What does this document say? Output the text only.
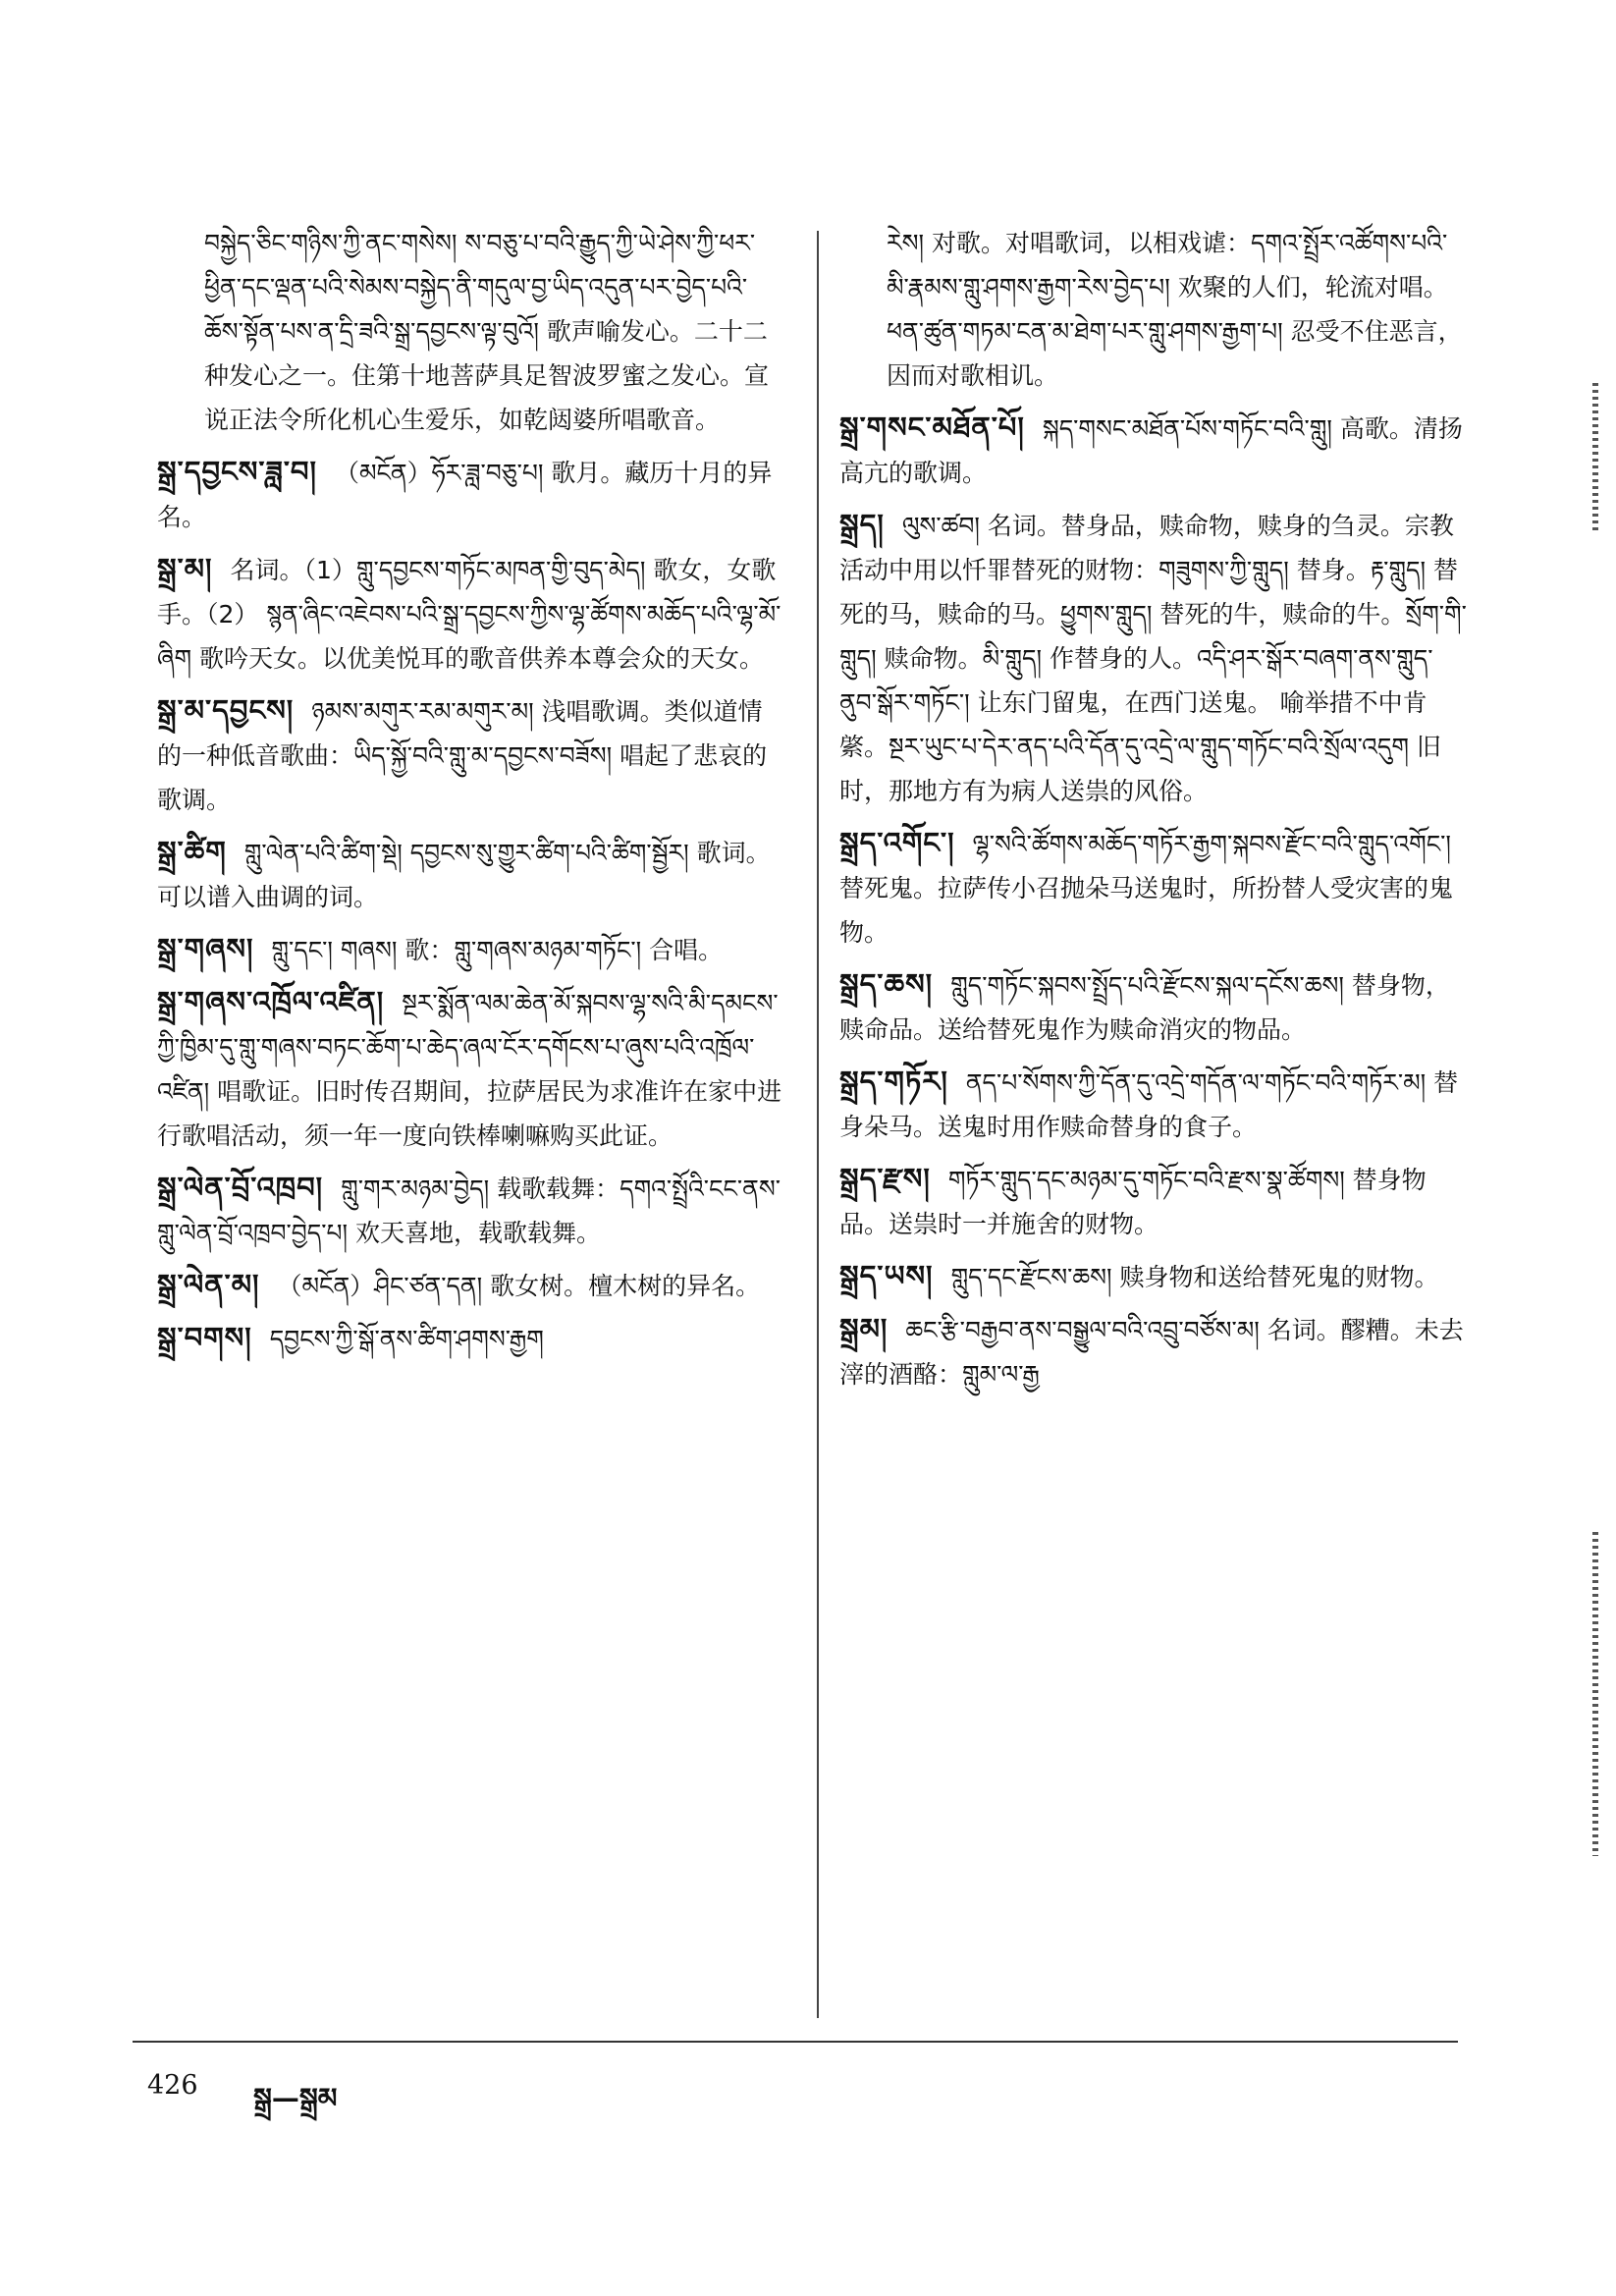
བསྐྱེད་ཅིང་གཉིས་ཀྱི་ནང་གསེས། ས་བཅུ་པ་བའི་རྒྱུད་ཀྱི་ཡེ་ཤེས་ཀྱི་ཕར་ཕྱིན་དང་ལྡན་པའི་སེམས་བསྐྱེད་ནི་གདུལ་བྱ་ཡིད་འདུན་པར་བྱེད་པའི་ཆོས་སྟོན་པས་ན་དྲི་ཟའི་སྒྲ་དབྱངས་ལྟ་བུའོ། 歌声喻发心。二十二种发心之一。住第十地菩萨具足智波罗蜜之发心。宣说正法令所化机心生爱乐，如乾闼婆所唱歌音。
སྒྲ་དབྱངས་ཟླ་བ། （མངོན）ཧོར་ཟླ་བཅུ་པ། 歌月。藏历十月的异名。
སྒྲ་མ། 名词。（1）གླུ་དབྱངས་གཏོང་མཁན་གྱི་བུད་མེད། 歌女，女歌手。（2） སྙན་ཞིང་འཇེབས་པའི་སྒྲ་དབྱངས་ཀྱིས་ལྷ་ཚོགས་མཆོད་པའི་ལྷ་མོ་ཞིག 歌吟天女。以优美悦耳的歌音供养本尊会众的天女。
སྒྲ་མ་དབྱངས། ཉམས་མགུར་རམ་མགུར་མ། 浅唱歌调。类似道情的一种低音歌曲：ཡིད་སྐྱོ་བའི་གླུ་མ་དབྱངས་བཟོས། 唱起了悲哀的歌调。
སྒྲ་ཚིག གླུ་ལེན་པའི་ཚིག་སྡེ། དབྱངས་སུ་གྱུར་ཚིག་པའི་ཚིག་སྦྱོར། 歌词。可以谱入曲调的词。
སྒྲ་གཞས། གླུ་དང་། གཞས། 歌：གླུ་གཞས་མཉམ་གཏོང་། 合唱。
སྒྲ་གཞས་འཁྲོལ་འཛིན། སྔར་སྨོན་ལམ་ཆེན་མོ་སྐབས་ལྷ་སའི་མི་དམངས་ཀྱི་ཁྱིམ་དུ་གླུ་གཞས་བཏང་ཆོག་པ་ཆེད་ཞལ་ངོར་དགོངས་པ་ཞུས་པའི་འཁྲོལ་འཛིན། 唱歌证。旧时传召期间，拉萨居民为求准许在家中进行歌唱活动，须一年一度向铁棒喇嘛购买此证。
སྒྲ་ལེན་བྲོ་འཁྲབ། གླུ་གར་མཉམ་བྱེད། 载歌载舞：དགའ་སྤྲོའི་ངང་ནས་གླུ་ལེན་བྲོ་འཁྲབ་བྱེད་པ། 欢天喜地，载歌载舞。
སྒྲ་ལེན་མ། （མངོན）ཤིང་ཙན་དན། 歌女树。檀木树的异名。
སྒྲ་བགས། དབྱངས་ཀྱི་སྒོ་ནས་ཚིག་ཤགས་རྒྱག
རེས། 对歌。对唱歌词，以相戏谑：དགའ་སྤྲོར་འཚོགས་པའི་མི་རྣམས་གླུ་ཤགས་རྒྱག་རེས་བྱེད་པ། 欢聚的人们，轮流对唱。ཕན་ཚུན་གཏམ་ངན་མ་ཐེག་པར་གླུ་ཤགས་རྒྱག་པ། 忍受不住恶言，因而对歌相讥。
སྒྲ་གསང་མཐོན་པོ། སྐད་གསང་མཐོན་པོས་གཏོང་བའི་གླུ། 高歌。清扬高亢的歌调。
སྒྲད། ལུས་ཚབ། 名词。替身品，赎命物，赎身的刍灵。宗教活动中用以忏罪替死的财物：གཟུགས་ཀྱི་གླུད། 替身。རྟ་གླུད། 替死的马，赎命的马。ཕྱུགས་གླུད། 替死的牛，赎命的牛。སྲོག་གི་གླུད། 赎命物。མི་གླུད། 作替身的人。འདི་ཤར་སྒོར་བཞག་ནས་གླུད་ནུབ་སྒོར་གཏོང་། 让东门留鬼，在西门送鬼。 喻举措不中肯綮。སྔར་ཡུང་པ་དེར་ནད་པའི་དོན་དུ་འདྲེ་ལ་གླུད་གཏོང་བའི་སྲོལ་འདུག 旧时，那地方有为病人送祟的风俗。
སྒྲད་འགོང་། ལྷ་སའི་ཚོགས་མཆོད་གཏོར་རྒྱག་སྐབས་རྫོང་བའི་གླུད་འགོང་། 替死鬼。拉萨传小召抛朵马送鬼时，所扮替人受灾害的鬼物。
སྒྲད་ཆས། གླུད་གཏོང་སྐབས་སྤྲོད་པའི་རྫོངས་སྐལ་དངོས་ཆས། 替身物，赎命品。送给替死鬼作为赎命消灾的物品。
སྒྲད་གཏོར། ནད་པ་སོགས་ཀྱི་དོན་དུ་འདྲེ་གདོན་ལ་གཏོང་བའི་གཏོར་མ། 替身朵马。送鬼时用作赎命替身的食子。
སྒྲད་རྫས། གཏོར་གླུད་དང་མཉམ་དུ་གཏོང་བའི་རྫས་སྣ་ཚོགས། 替身物品。送祟时一并施舍的财物。
སྒྲད་ཡས། གླུད་དང་རྫོངས་ཆས། 赎身物和送给替死鬼的财物。
སྒྲམ། ཆང་རྩི་བརྒྱབ་ནས་བསྒྱུལ་བའི་འབྲུ་བཙོས་མ། 名词。醪糟。未去滓的酒酪：གླུམ་ལ་རྒྱ
426 སྒྲ—སྒྲམ
